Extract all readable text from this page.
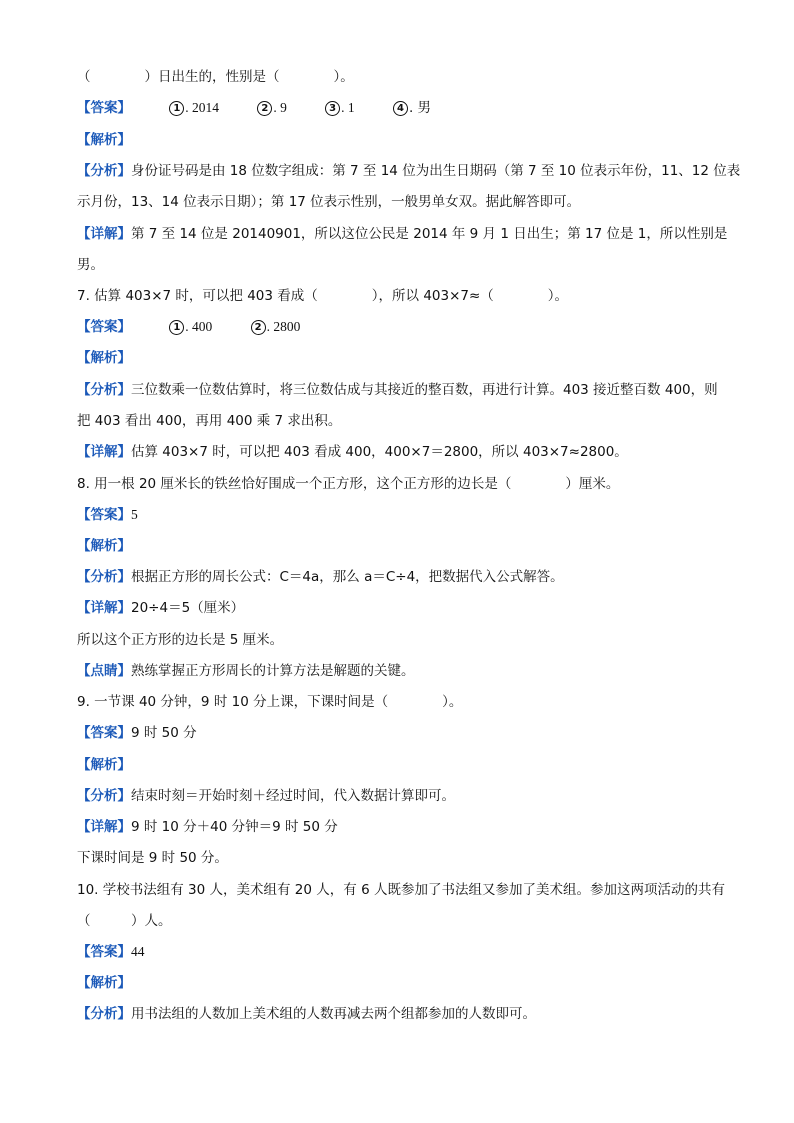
（　　　　）日出生的，性别是（　　　　）。
【答案】	1 . 2014	2 . 9	3 . 1	4 . 男
【解析】
【分析】身份证号码是由 18 位数字组成：第 7 至 14 位为出生日期码（第 7 至 10 位表示年份，11、12 位表
示月份，13、14 位表示日期）；第 17 位表示性别，一般男单女双。据此解答即可。
【详解】第 7 至 14 位是 20140901，所以这位公民是 2014 年 9 月 1 日出生；第 17 位是 1，所以性别是
男。
7. 估算 403×7 时，可以把 403 看成（　　　　），所以 403×7≈（　　　　）。
【答案】	1 . 400	2 . 2800
【解析】
【分析】三位数乘一位数估算时，将三位数估成与其接近的整百数，再进行计算。403 接近整百数 400，则
把 403 看出 400，再用 400 乘 7 求出积。
【详解】估算 403×7 时，可以把 403 看成 400，400×7＝2800，所以 403×7≈2800。
8. 用一根 20 厘米长的铁丝恰好围成一个正方形，这个正方形的边长是（　　　　）厘米。
【答案】5
【解析】
【分析】根据正方形的周长公式：C＝4a，那么 a＝C÷4，把数据代入公式解答。
【详解】20÷4＝5（厘米）
所以这个正方形的边长是 5 厘米。
【点睛】熟练掌握正方形周长的计算方法是解题的关键。
9. 一节课 40 分钟，9 时 10 分上课，下课时间是（　　　　）。
【答案】9 时 50 分
【解析】
【分析】结束时刻＝开始时刻＋经过时间，代入数据计算即可。
【详解】9 时 10 分＋40 分钟＝9 时 50 分
下课时间是 9 时 50 分。
10. 学校书法组有 30 人，美术组有 20 人，有 6 人既参加了书法组又参加了美术组。参加这两项活动的共有
（　　　）人。
【答案】44
【解析】
【分析】用书法组的人数加上美术组的人数再减去两个组都参加的人数即可。
